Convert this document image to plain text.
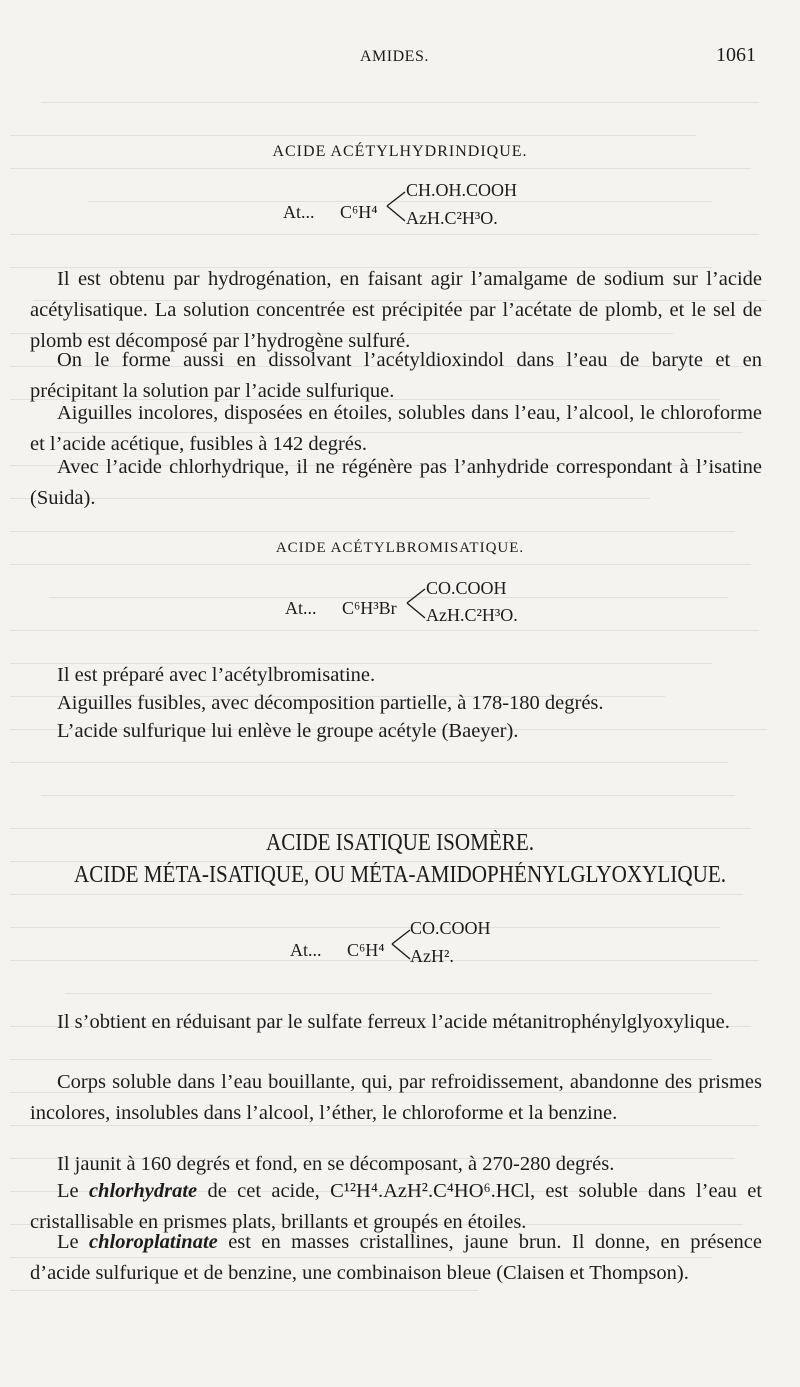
AMIDES.	1061
ACIDE ACÉTYLHYDRINDIQUE.
At... C⁶H⁴
CH.OH.COOH
AzH.C²H³O.

Il est obtenu par hydrogénation, en faisant agir l’amalgame de sodium sur l’acide acétylisatique. La solution concentrée est précipitée par l’acétate de plomb, et le sel de plomb est décomposé par l’hydrogène sulfuré.

On le forme aussi en dissolvant l’acétyldioxindol dans l’eau de baryte et en précipitant la solution par l’acide sulfurique.

Aiguilles incolores, disposées en étoiles, solubles dans l’eau, l’alcool, le chloroforme et l’acide acétique, fusibles à 142 degrés.

Avec l’acide chlorhydrique, il ne régénère pas l’anhydride correspondant à l’isatine (Suida).

ACIDE ACÉTYLBROMISATIQUE.
At... C⁶H³Br
CO.COOH
AzH.C²H³O.

Il est préparé avec l’acétylbromisatine.

Aiguilles fusibles, avec décomposition partielle, à 178-180 degrés.

L’acide sulfurique lui enlève le groupe acétyle (Baeyer).

ACIDE ISATIQUE ISOMÈRE.
ACIDE MÉTA-ISATIQUE, OU MÉTA-AMIDOPHÉNYLGLYOXYLIQUE.
At... C⁶H⁴
CO.COOH
AzH².

Il s’obtient en réduisant par le sulfate ferreux l’acide métanitrophénylglyoxylique.

Corps soluble dans l’eau bouillante, qui, par refroidissement, abandonne des prismes incolores, insolubles dans l’alcool, l’éther, le chloroforme et la benzine.

Il jaunit à 160 degrés et fond, en se décomposant, à 270-280 degrés.

Le chlorhydrate de cet acide, C¹²H⁴.AzH².C⁴HO⁶.HCl, est soluble dans l’eau et cristallisable en prismes plats, brillants et groupés en étoiles.

Le chloroplatinate est en masses cristallines, jaune brun. Il donne, en présence d’acide sulfurique et de benzine, une combinaison bleue (Claisen et Thompson).
